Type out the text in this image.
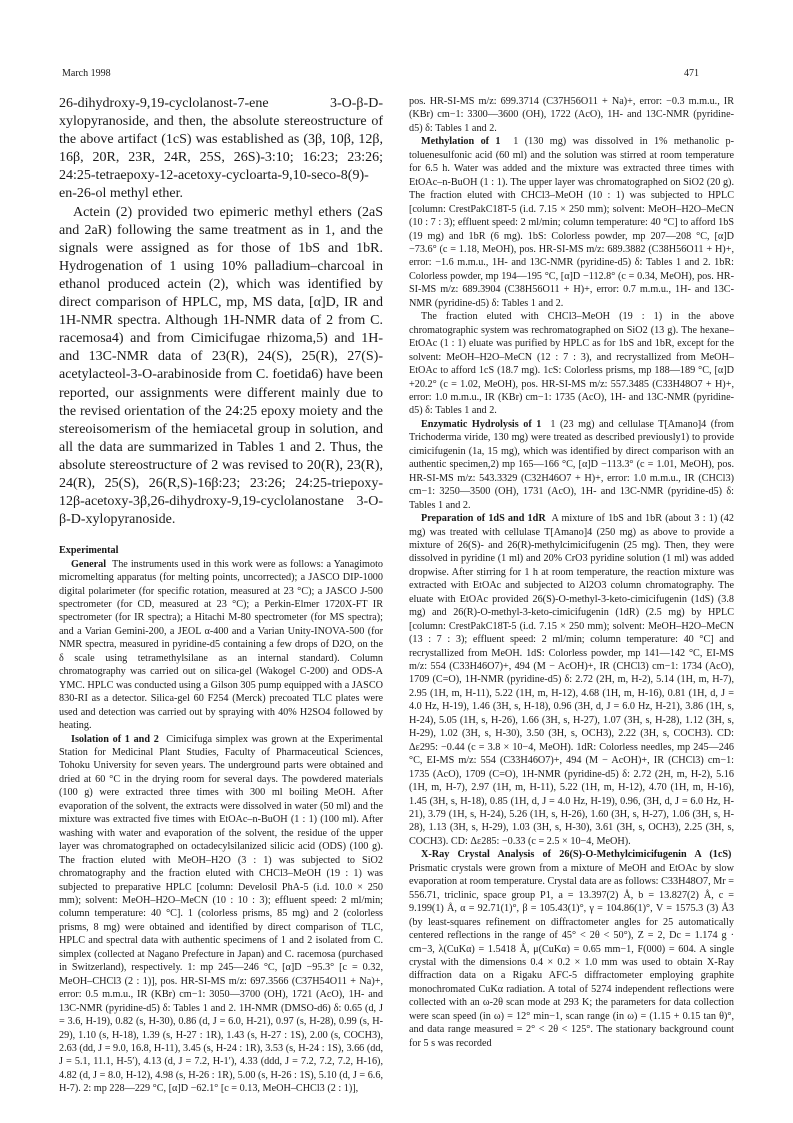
March 1998	471

26-dihydroxy-9,19-cyclolanost-7-ene 3-O-β-D-xylopyranoside, and then, the absolute stereostructure of the above artifact (1cS) was established as (3β, 10β, 12β, 16β, 20R, 23R, 24R, 25S, 26S)-3:10; 16:23; 23:26; 24:25-tetraepoxy-12-acetoxy-cycloarta-9,10-seco-8(9)-en-26-ol methyl ether.

Actein (2) provided two epimeric methyl ethers (2aS and 2aR) following the same treatment as in 1, and the signals were assigned as for those of 1bS and 1bR. Hydrogenation of 1 using 10% palladium–charcoal in ethanol produced actein (2), which was identified by direct comparison of HPLC, mp, MS data, [α]D, IR and 1H-NMR spectra. Although 1H-NMR data of 2 from C. racemosa4) and from Cimicifugae rhizoma,5) and 1H- and 13C-NMR data of 23(R), 24(S), 25(R), 27(S)-acetylacteol-3-O-arabinoside from C. foetida6) have been reported, our assignments were different mainly due to the revised orientation of the 24:25 epoxy moiety and the stereoisomerism of the hemiacetal group in solution, and all the data are summarized in Tables 1 and 2. Thus, the absolute stereostructure of 2 was revised to 20(R), 23(R), 24(R), 25(S), 26(R,S)-16β:23; 23:26; 24:25-triepoxy-12β-acetoxy-3β,26-dihydroxy-9,19-cyclolanostane 3-O-β-D-xylopyranoside.

Experimental

General The instruments used in this work were as follows: a Yanagimoto micromelting apparatus (for melting points, uncorrected); a JASCO DIP-1000 digital polarimeter (for specific rotation, measured at 23 °C); a JASCO J-500 spectrometer (for CD, measured at 23 °C); a Perkin-Elmer 1720X-FT IR spectrometer (for IR spectra); a Hitachi M-80 spectrometer (for MS spectra); and a Varian Gemini-200, a JEOL α-400 and a Varian Unity-INOVA-500 (for NMR spectra, measured in pyridine-d5 containing a few drops of D2O, on the δ scale using tetramethylsilane as an internal standard). Column chromatography was carried out on silica-gel (Wakogel C-200) and ODS-A YMC. HPLC was conducted using a Gilson 305 pump equipped with a JASCO 830-RI as a detector. Silica-gel 60 F254 (Merck) precoated TLC plates were used and detection was carried out by spraying with 40% H2SO4 followed by heating.

Isolation of 1 and 2 Cimicifuga simplex was grown at the Experimental Station for Medicinal Plant Studies, Faculty of Pharmaceutical Sciences, Tohoku University for seven years. The underground parts were obtained and dried at 60 °C in the drying room for several days. The powdered materials (100 g) were extracted three times with 300 ml boiling MeOH. After evaporation of the solvent, the extracts were dissolved in water (50 ml) and the mixture was extracted five times with EtOAc–n-BuOH (1 : 1) (100 ml). After washing with water and evaporation of the solvent, the residue of the upper layer was chromatographed on octadecylsilanized silicic acid (ODS) (100 g). The fraction eluted with MeOH–H2O (3 : 1) was subjected to SiO2 chromatography and the fraction eluted with CHCl3–MeOH (19 : 1) was subjected to preparative HPLC [column: Develosil PhA-5 (i.d. 10.0 × 250 mm); solvent: MeOH–H2O–MeCN (10 : 10 : 3); effluent speed: 2 ml/min; column temperature: 40 °C]. 1 (colorless prisms, 85 mg) and 2 (colorless prisms, 8 mg) were obtained and identified by direct comparison of TLC, HPLC and spectral data with authentic specimens of 1 and 2 isolated from C. simplex (collected at Nagano Prefecture in Japan) and C. racemosa (purchased in Switzerland), respectively. 1: mp 245—246 °C, [α]D −95.3° [c = 0.32, MeOH–CHCl3 (2 : 1)], pos. HR-SI-MS m/z: 697.3566 (C37H54O11 + Na)+, error: 0.5 m.m.u., IR (KBr) cm−1: 3050—3700 (OH), 1721 (AcO), 1H- and 13C-NMR (pyridine-d5) δ: Tables 1 and 2. 1H-NMR (DMSO-d6) δ: 0.65 (d, J = 3.6, H-19), 0.82 (s, H-30), 0.86 (d, J = 6.0, H-21), 0.97 (s, H-28), 0.99 (s, H-29), 1.10 (s, H-18), 1.39 (s, H-27 : 1R), 1.43 (s, H-27 : 1S), 2.00 (s, COCH3), 2.63 (dd, J = 9.0, 16.8, H-11), 3.45 (s, H-24 : 1R), 3.53 (s, H-24 : 1S), 3.66 (dd, J = 5.1, 11.1, H-5′), 4.13 (d, J = 7.2, H-1′), 4.33 (ddd, J = 7.2, 7.2, 7.2, H-16), 4.82 (d, J = 8.0, H-12), 4.98 (s, H-26 : 1R), 5.00 (s, H-26 : 1S), 5.10 (d, J = 6.6, H-7). 2: mp 228—229 °C, [α]D −62.1° [c = 0.13, MeOH–CHCl3 (2 : 1)],

pos. HR-SI-MS m/z: 699.3714 (C37H56O11 + Na)+, error: −0.3 m.m.u., IR (KBr) cm−1: 3300—3600 (OH), 1722 (AcO), 1H- and 13C-NMR (pyridine-d5) δ: Tables 1 and 2.

Methylation of 1 1 (130 mg) was dissolved in 1% methanolic p-toluenesulfonic acid (60 ml) and the solution was stirred at room temperature for 6.5 h. Water was added and the mixture was extracted three times with EtOAc–n-BuOH (1 : 1). The upper layer was chromatographed on SiO2 (20 g). The fraction eluted with CHCl3–MeOH (10 : 1) was subjected to HPLC [column: CrestPakC18T-5 (i.d. 7.15 × 250 mm); solvent: MeOH–H2O–MeCN (10 : 7 : 3); effluent speed: 2 ml/min; column temperature: 40 °C] to afford 1bS (19 mg) and 1bR (6 mg). 1bS: Colorless powder, mp 207—208 °C, [α]D −73.6° (c = 1.18, MeOH), pos. HR-SI-MS m/z: 689.3882 (C38H56O11 + H)+, error: −1.6 m.m.u., 1H- and 13C-NMR (pyridine-d5) δ: Tables 1 and 2. 1bR: Colorless powder, mp 194—195 °C, [α]D −112.8° (c = 0.34, MeOH), pos. HR-SI-MS m/z: 689.3904 (C38H56O11 + H)+, error: 0.7 m.m.u., 1H- and 13C-NMR (pyridine-d5) δ: Tables 1 and 2.

The fraction eluted with CHCl3–MeOH (19 : 1) in the above chromatographic system was rechromatographed on SiO2 (13 g). The hexane–EtOAc (1 : 1) eluate was purified by HPLC as for 1bS and 1bR, except for the solvent: MeOH–H2O–MeCN (12 : 7 : 3), and recrystallized from MeOH–EtOAc to afford 1cS (18.7 mg). 1cS: Colorless prisms, mp 188—189 °C, [α]D +20.2° (c = 1.02, MeOH), pos. HR-SI-MS m/z: 557.3485 (C33H48O7 + H)+, error: 1.0 m.m.u., IR (KBr) cm−1: 1735 (AcO), 1H- and 13C-NMR (pyridine-d5) δ: Tables 1 and 2.

Enzymatic Hydrolysis of 1 1 (23 mg) and cellulase T[Amano]4 (from Trichoderma viride, 130 mg) were treated as described previously1) to provide cimicifugenin (1a, 15 mg), which was identified by direct comparison with an authentic specimen,2) mp 165—166 °C, [α]D −113.3° (c = 1.01, MeOH), pos. HR-SI-MS m/z: 543.3329 (C32H46O7 + H)+, error: 1.0 m.m.u., IR (CHCl3) cm−1: 3250—3500 (OH), 1731 (AcO), 1H- and 13C-NMR (pyridine-d5) δ: Tables 1 and 2.

Preparation of 1dS and 1dR A mixture of 1bS and 1bR (about 3 : 1) (42 mg) was treated with cellulase T[Amano]4 (250 mg) as above to provide a mixture of 26(S)- and 26(R)-methylcimicifugenin (25 mg). Then, they were dissolved in pyridine (1 ml) and 20% CrO3 pyridine solution (1 ml) was added dropwise. After stirring for 1 h at room temperature, the reaction mixture was extracted with EtOAc and subjected to Al2O3 column chromatography. The eluate with EtOAc provided 26(S)-O-methyl-3-keto-cimicifugenin (1dS) (3.8 mg) and 26(R)-O-methyl-3-keto-cimicifugenin (1dR) (2.5 mg) by HPLC [column: CrestPakC18T-5 (i.d. 7.15 × 250 mm); solvent: MeOH–H2O–MeCN (13 : 7 : 3); effluent speed: 2 ml/min; column temperature: 40 °C] and recrystallized from MeOH. 1dS: Colorless powder, mp 141—142 °C, EI-MS m/z: 554 (C33H46O7)+, 494 (M − AcOH)+, IR (CHCl3) cm−1: 1734 (AcO), 1709 (C=O), 1H-NMR (pyridine-d5) δ: 2.72 (2H, m, H-2), 5.14 (1H, m, H-7), 2.95 (1H, m, H-11), 5.22 (1H, m, H-12), 4.68 (1H, m, H-16), 0.81 (1H, d, J = 4.0 Hz, H-19), 1.46 (3H, s, H-18), 0.96 (3H, d, J = 6.0 Hz, H-21), 3.86 (1H, s, H-24), 5.05 (1H, s, H-26), 1.66 (3H, s, H-27), 1.07 (3H, s, H-28), 1.12 (3H, s, H-29), 1.02 (3H, s, H-30), 3.50 (3H, s, OCH3), 2.22 (3H, s, COCH3). CD: Δε295: −0.44 (c = 3.8 × 10−4, MeOH). 1dR: Colorless needles, mp 245—246 °C, EI-MS m/z: 554 (C33H46O7)+, 494 (M − AcOH)+, IR (CHCl3) cm−1: 1735 (AcO), 1709 (C=O), 1H-NMR (pyridine-d5) δ: 2.72 (2H, m, H-2), 5.16 (1H, m, H-7), 2.97 (1H, m, H-11), 5.22 (1H, m, H-12), 4.70 (1H, m, H-16), 1.45 (3H, s, H-18), 0.85 (1H, d, J = 4.0 Hz, H-19), 0.96, (3H, d, J = 6.0 Hz, H-21), 3.79 (1H, s, H-24), 5.26 (1H, s, H-26), 1.60 (3H, s, H-27), 1.06 (3H, s, H-28), 1.13 (3H, s, H-29), 1.03 (3H, s, H-30), 3.61 (3H, s, OCH3), 2.25 (3H, s, COCH3). CD: Δε285: −0.33 (c = 2.5 × 10−4, MeOH).

X-Ray Crystal Analysis of 26(S)-O-Methylcimicifugenin A (1cS)  Prismatic crystals were grown from a mixture of MeOH and EtOAc by slow evaporation at room temperature. Crystal data are as follows: C33H48O7, Mr = 556.71, triclinic, space group P1, a = 13.397(2) Å, b = 13.827(2) Å, c = 9.199(1) Å, α = 92.71(1)°, β = 105.43(1)°, γ = 104.86(1)°, V = 1575.3 (3) Å3 (by least-squares refinement on diffractometer angles for 25 automatically centered reflections in the range of 45° < 2θ < 50°), Z = 2, Dc = 1.174 g · cm−3, λ(CuKα) = 1.5418 Å, μ(CuKα) = 0.65 mm−1, F(000) = 604. A single crystal with the dimensions 0.4 × 0.2 × 1.0 mm was used to obtain X-Ray diffraction data on a Rigaku AFC-5 diffractometer employing graphite monochromated CuKα radiation. A total of 5274 independent reflections were collected with an ω-2θ scan mode at 293 K; the parameters for data collection were scan speed (in ω) = 12° min−1, scan range (in ω) = (1.15 + 0.15 tan θ)°, and data range measured = 2° < 2θ < 125°. The stationary background count for 5 s was recorded
